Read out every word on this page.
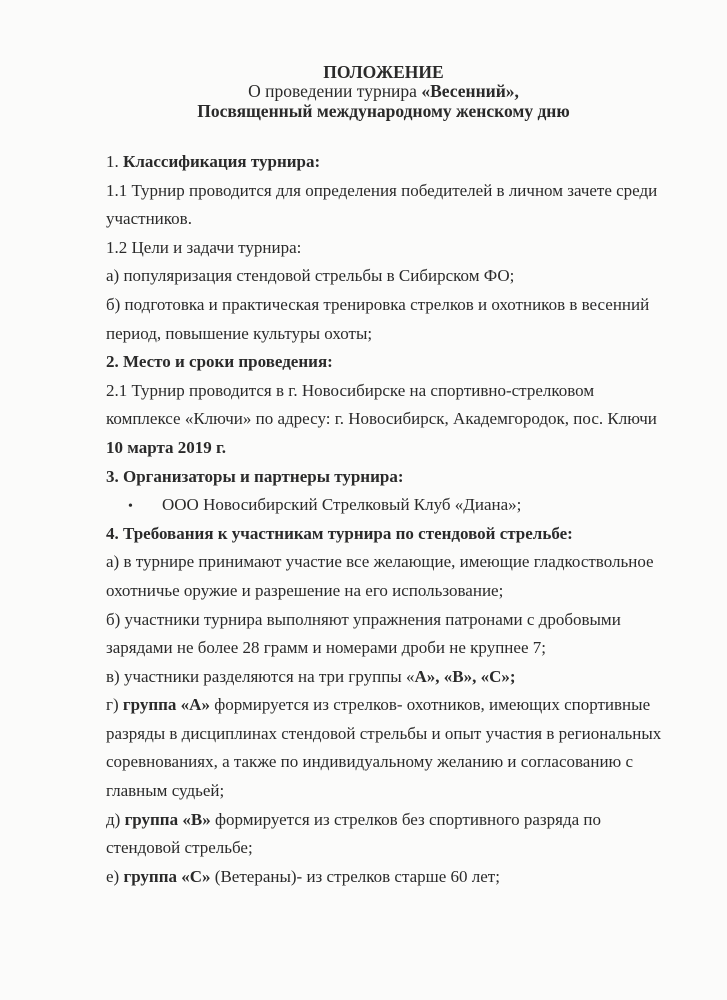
ПОЛОЖЕНИЕ
О проведении турнира «Весенний»,
Посвященный международному женскому дню
1. Классификация турнира:
1.1 Турнир проводится для определения победителей в личном зачете среди
участников.
1.2 Цели и задачи турнира:
а) популяризация стендовой стрельбы в Сибирском ФО;
б) подготовка и практическая тренировка стрелков и охотников в весенний
период, повышение культуры охоты;
2. Место и сроки проведения:
2.1 Турнир проводится в г. Новосибирске на спортивно-стрелковом
комплексе «Ключи» по адресу: г. Новосибирск, Академгородок, пос. Ключи
10 марта 2019 г.
3. Организаторы и партнеры турнира:
• ООО Новосибирский Стрелковый Клуб «Диана»;
4. Требования к участникам турнира по стендовой стрельбе:
а) в турнире принимают участие все желающие, имеющие гладкоствольное
охотничье оружие и разрешение на его использование;
б) участники турнира выполняют упражнения патронами с дробовыми
зарядами не более 28 грамм и номерами дроби не крупнее 7;
в) участники разделяются на три группы «А», «В», «С»;
г) группа «А» формируется из стрелков- охотников, имеющих спортивные
разряды в дисциплинах стендовой стрельбы и опыт участия в региональных
соревнованиях, а также по индивидуальному желанию и согласованию с
главным судьей;
д) группа «В» формируется из стрелков без спортивного разряда по
стендовой стрельбе;
е) группа «С» (Ветераны)- из стрелков старше 60 лет;
